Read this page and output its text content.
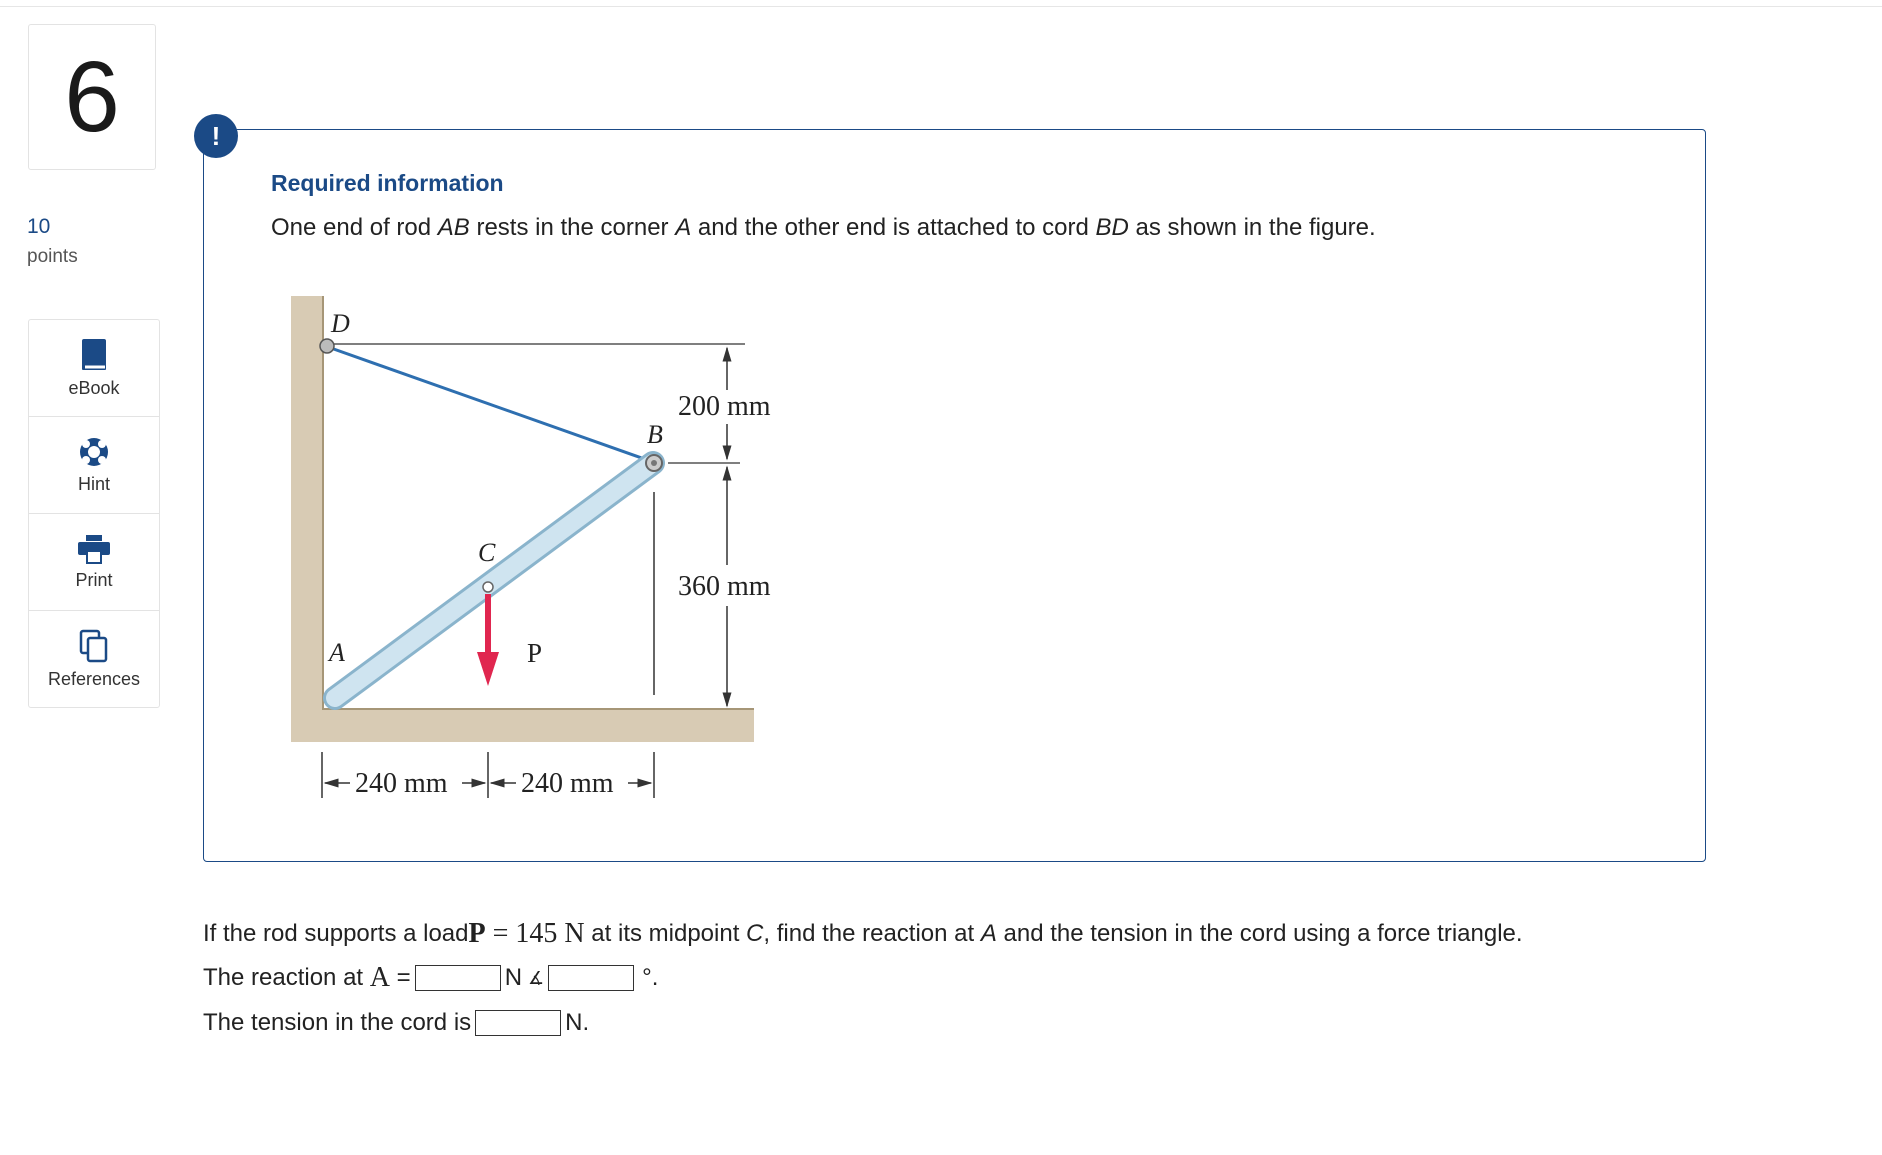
6
10
points
eBook
Hint
Print
References
!
Required information
One end of rod AB rests in the corner A and the other end is attached to cord BD as shown in the figure.
D
B
C
A	P
200 mm
360 mm
240 mm	240 mm
If the rod supports a load P = 145 N at its midpoint C , find the reaction at A and the tension in the cord using a force triangle.
The reaction at A =	N ∡	°.
The tension in the cord is	N.
